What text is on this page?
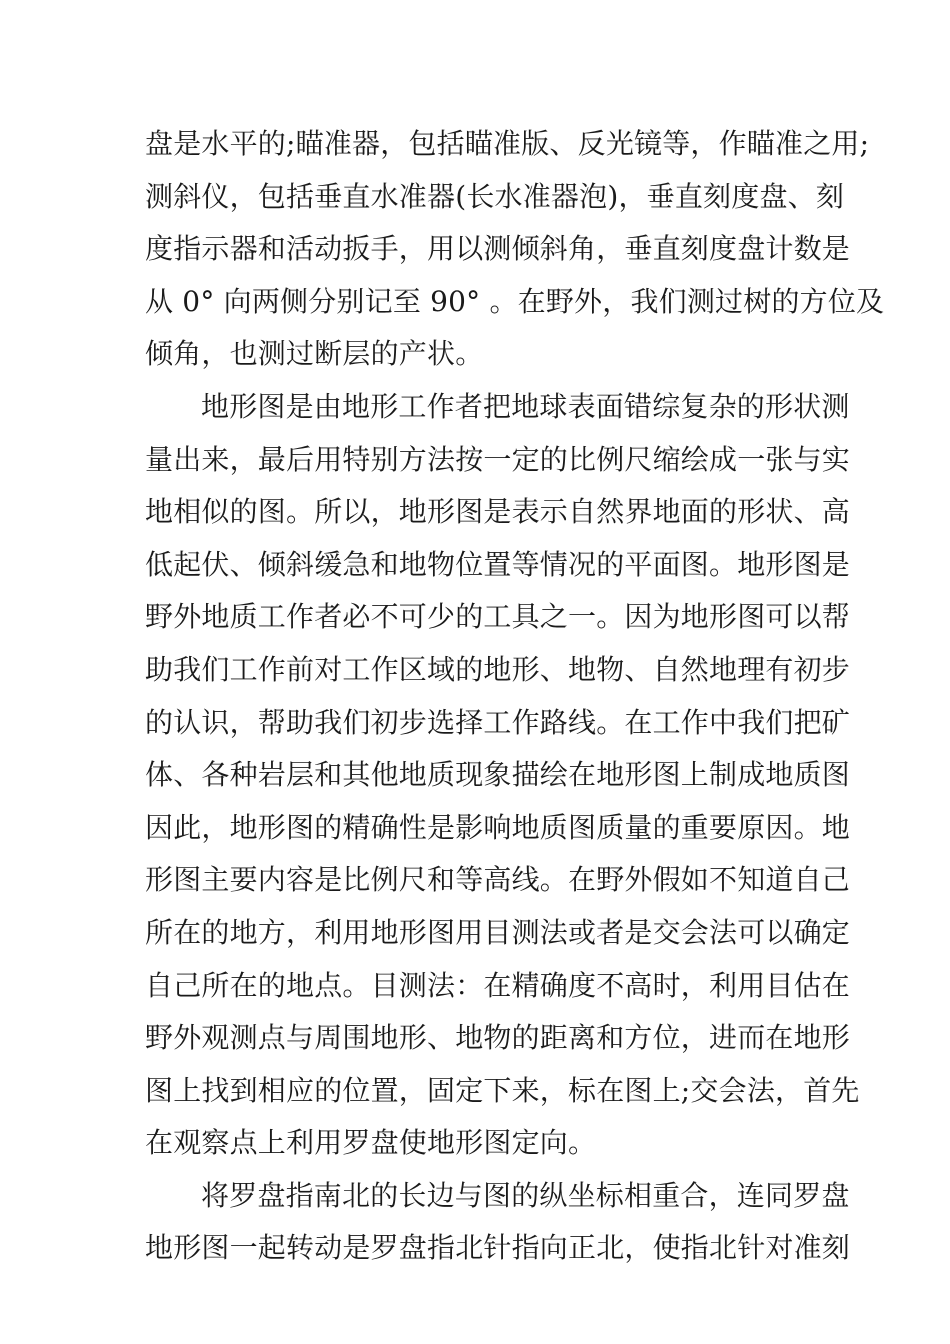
盘是水平的;瞄准器，包括瞄准版、反光镜等，作瞄准之用;
测斜仪，包括垂直水准器(长水准器泡)，垂直刻度盘、刻
度指示器和活动扳手，用以测倾斜角，垂直刻度盘计数是
从 0° 向两侧分别记至 90° 。在野外，我们测过树的方位及
倾角，也测过断层的产状。
地形图是由地形工作者把地球表面错综复杂的形状测
量出来，最后用特别方法按一定的比例尺缩绘成一张与实
地相似的图。所以，地形图是表示自然界地面的形状、高
低起伏、倾斜缓急和地物位置等情况的平面图。地形图是
野外地质工作者必不可少的工具之一。因为地形图可以帮
助我们工作前对工作区域的地形、地物、自然地理有初步
的认识，帮助我们初步选择工作路线。在工作中我们把矿
体、各种岩层和其他地质现象描绘在地形图上制成地质图
因此，地形图的精确性是影响地质图质量的重要原因。地
形图主要内容是比例尺和等高线。在野外假如不知道自己
所在的地方，利用地形图用目测法或者是交会法可以确定
自己所在的地点。目测法：在精确度不高时，利用目估在
野外观测点与周围地形、地物的距离和方位，进而在地形
图上找到相应的位置，固定下来，标在图上;交会法，首先
在观察点上利用罗盘使地形图定向。
将罗盘指南北的长边与图的纵坐标相重合，连同罗盘
地形图一起转动是罗盘指北针指向正北，使指北针对准刻
